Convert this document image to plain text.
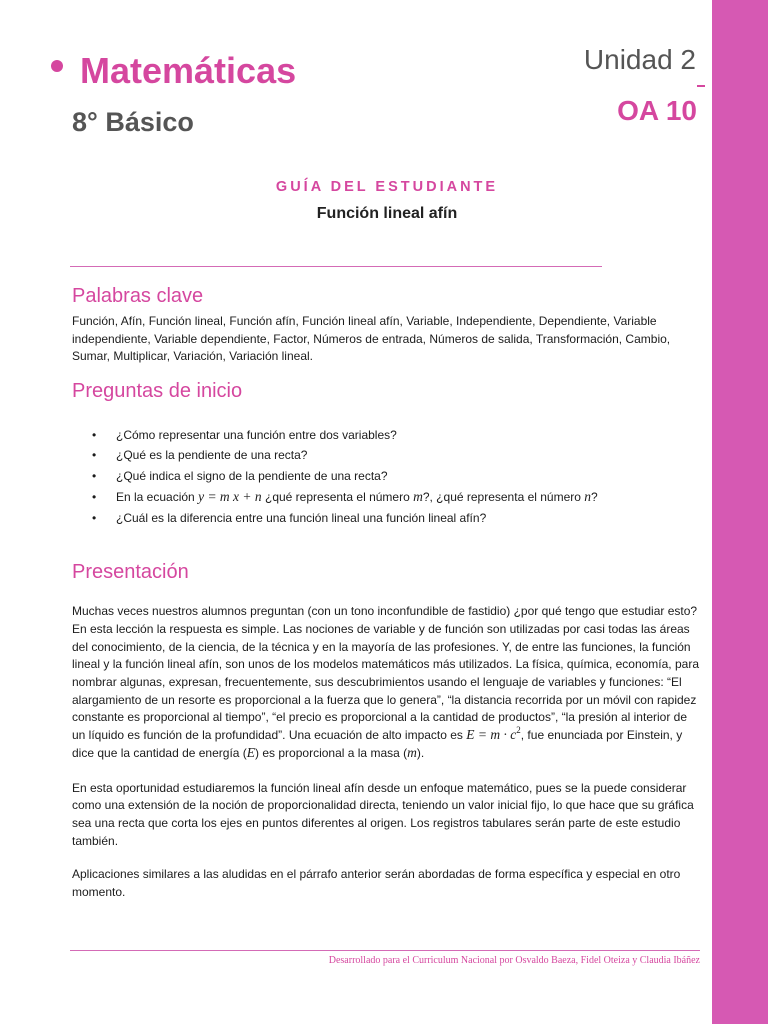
Matemáticas
8° Básico
Unidad 2
OA 10
GUÍA DEL ESTUDIANTE
Función lineal afín
Palabras clave

Función, Afín, Función lineal, Función afín, Función lineal afín, Variable, Independiente, Dependiente, Variable independiente, Variable dependiente, Factor, Números de entrada, Números de salida, Transformación, Cambio, Sumar, Multiplicar, Variación, Variación lineal.

Preguntas de inicio
• ¿Cómo representar una función entre dos variables?
• ¿Qué es la pendiente de una recta?
• ¿Qué indica el signo de la pendiente de una recta?
• En la ecuación y = m x + n ¿qué representa el número m?, ¿qué representa el número n?
• ¿Cuál es la diferencia entre una función lineal una función lineal afín?
Presentación

Muchas veces nuestros alumnos preguntan (con un tono inconfundible de fastidio) ¿por qué tengo que estudiar esto? En esta lección la respuesta es simple. Las nociones de variable y de función son utilizadas por casi todas las áreas del conocimiento, de la ciencia, de la técnica y en la mayoría de las profesiones. Y, de entre las funciones, la función lineal y la función lineal afín, son unos de los modelos matemáticos más utilizados. La física, química, economía, para nombrar algunas, expresan, frecuentemente, sus descubrimientos usando el lenguaje de variables y funciones: “El alargamiento de un resorte es proporcional a la fuerza que lo genera”, “la distancia recorrida por un móvil con rapidez constante es proporcional al tiempo”, “el precio es proporcional a la cantidad de productos”, “la presión al interior de un líquido es función de la profundidad”. Una ecuación de alto impacto es $E = m \cdot c^2$, fue enunciada por Einstein, y dice que la cantidad de energía (E) es proporcional a la masa (m).

En esta oportunidad estudiaremos la función lineal afín desde un enfoque matemático, pues se la puede considerar como una extensión de la noción de proporcionalidad directa, teniendo un valor inicial fijo, lo que hace que su gráfica sea una recta que corta los ejes en puntos diferentes al origen. Los registros tabulares serán parte de este estudio también.

Aplicaciones similares a las aludidas en el párrafo anterior serán abordadas de forma específica y especial en otro momento.

Desarrollado para el Curriculum Nacional por Osvaldo Baeza, Fidel Oteiza y Claudia Ibáñez
